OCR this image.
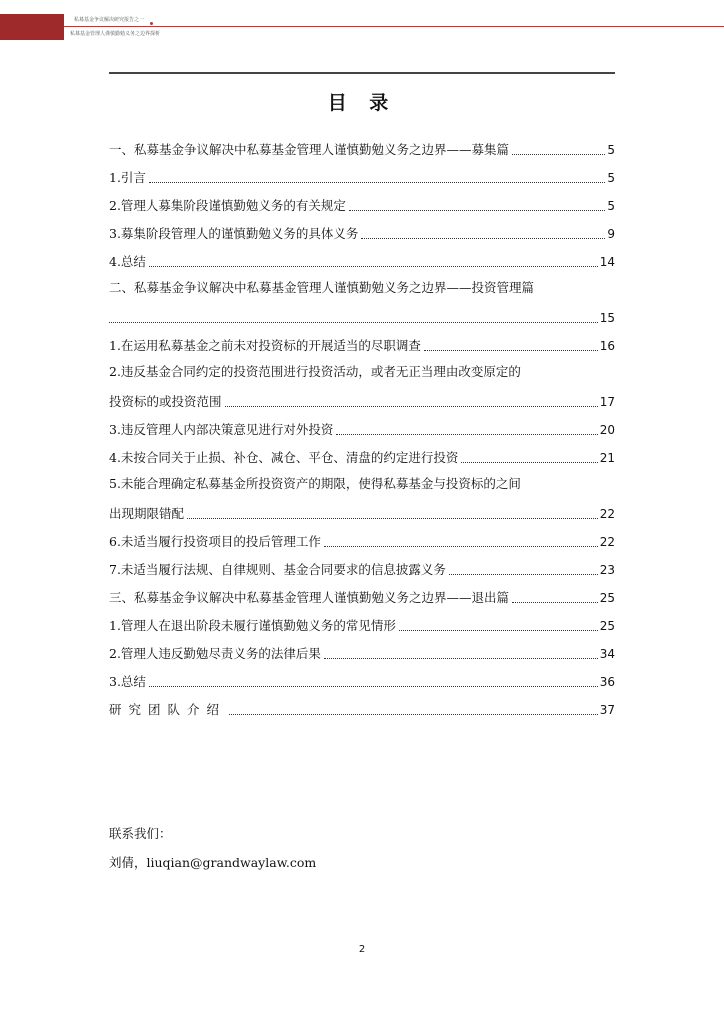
私募基金争议解决研究报告之一
私募基金管理人谨慎勤勉义务之边界探析
目 录
一、私募基金争议解决中私募基金管理人谨慎勤勉义务之边界——募集篇	5
1.引言	5
2.管理人募集阶段谨慎勤勉义务的有关规定	5
3.募集阶段管理人的谨慎勤勉义务的具体义务	9
4.总结	14
二、私募基金争议解决中私募基金管理人谨慎勤勉义务之边界——投资管理篇
15
1.在运用私募基金之前未对投资标的开展适当的尽职调查	16
2.违反基金合同约定的投资范围进行投资活动，或者无正当理由改变原定的
投资标的或投资范围	17
3.违反管理人内部决策意见进行对外投资	20
4.未按合同关于止损、补仓、减仓、平仓、清盘的约定进行投资	21
5.未能合理确定私募基金所投资资产的期限，使得私募基金与投资标的之间
出现期限错配	22
6.未适当履行投资项目的投后管理工作	22
7.未适当履行法规、自律规则、基金合同要求的信息披露义务	23
三、私募基金争议解决中私募基金管理人谨慎勤勉义务之边界——退出篇	25
1.管理人在退出阶段未履行谨慎勤勉义务的常见情形	25
2.管理人违反勤勉尽责义务的法律后果	34
3.总结	36
研究团队介绍	37
联系我们：
刘倩，liuqian@grandwaylaw.com
2
